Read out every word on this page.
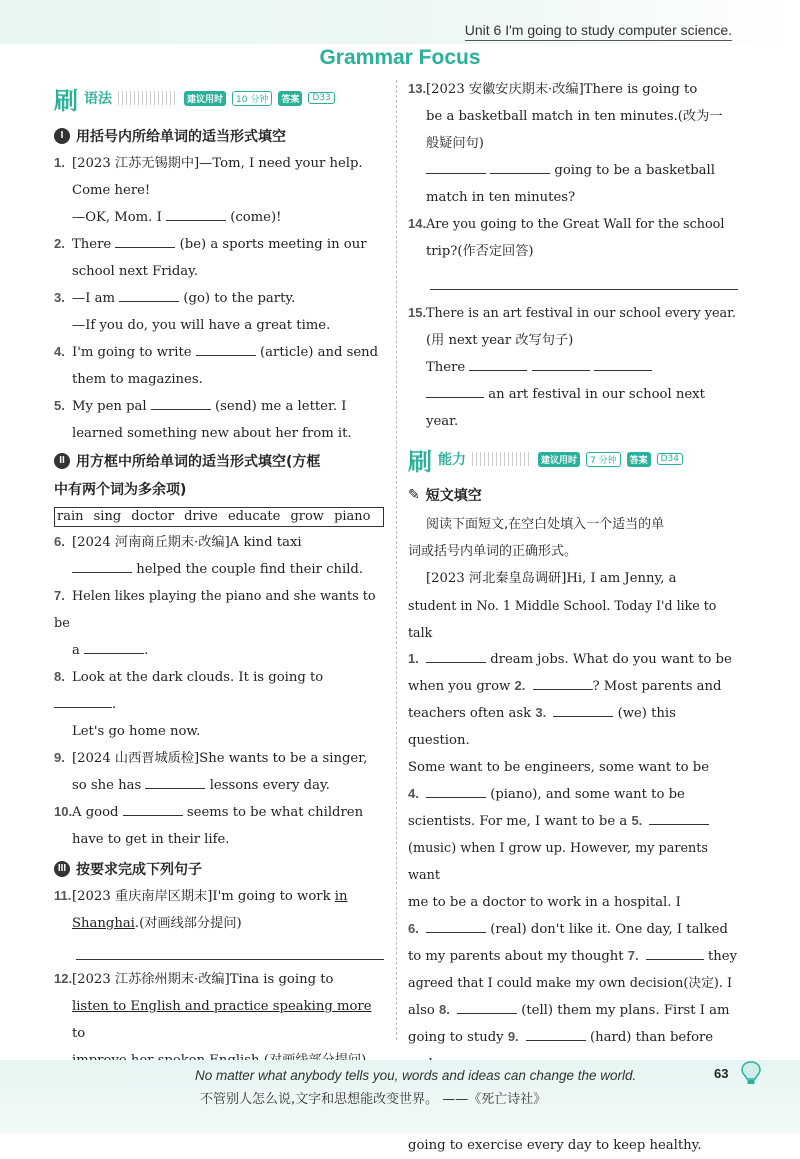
Unit 6 I'm going to study computer science.
Grammar Focus
刷 语法	建议用时	10 分钟	答案	D33
I 用括号内所给单词的适当形式填空

1. [2023 江苏无锡期中]—Tom, I need your help.

Come here!

—OK, Mom. I	(come)!

2. There	(be) a sports meeting in our

school next Friday.

3. —I am	(go) to the party.

—If you do, you will have a great time.

4. I'm going to write	(article) and send

them to magazines.

5. My pen pal	(send) me a letter. I

learned something new about her from it.

II 用方框中所给单词的适当形式填空(方框
中有两个词为多余项)
rain sing doctor drive educate grow piano

6. [2024 河南商丘期末·改编]A kind taxi

helped the couple find their child.

7. Helen likes playing the piano and she wants to be

a	.

8. Look at the dark clouds. It is going to .

Let's go home now.

9. [2024 山西晋城质检]She wants to be a singer,

so she has	lessons every day.

10.A good	seems to be what children

have to get in their life.

III 按要求完成下列句子

11.[2023 重庆南岸区期末]I'm going to work in

Shanghai.(对画线部分提问)

12.[2023 江苏徐州期末·改编]Tina is going to

listen to English and practice speaking more to

13.[2023 安徽安庆期末·改编]There is going to

be a basketball match in ten minutes.(改为一

般疑问句)

going to be a basketball

match in ten minutes?

14.Are you going to the Great Wall for the school

trip?(作否定回答)

15.There is an art festival in our school every year.

(用 next year 改写句子)

There

an art festival in our school next year.

刷 能力	建议用时	7 分钟	答案	D34
✎ 短文填空

阅读下面短文,在空白处填入一个适当的单

词或括号内单词的正确形式。

[2023 河北秦皇岛调研]Hi, I am Jenny, a

student in No. 1 Middle School. Today I'd like to talk

1.	dream jobs. What do you want to be

when you grow 2.	? Most parents and

teachers often ask 3.	(we) this question.

Some want to be engineers, some want to be

4.	(piano), and some want to be

scientists. For me, I want to be a 5.

(music) when I grow up. However, my parents want

me to be a doctor to work in a hospital. I

6.	(real) don't like it. One day, I talked

to my parents about my thought 7.	they

agreed that I could make my own decision(决定). I

also 8.	(tell) them my plans. First I am

going to study 9.	(hard) than before

going to exercise every day to keep healthy.

No matter what anybody tells you, words and ideas can change the world.
不管别人怎么说,文字和思想能改变世界。 ——《死亡诗社》
63
